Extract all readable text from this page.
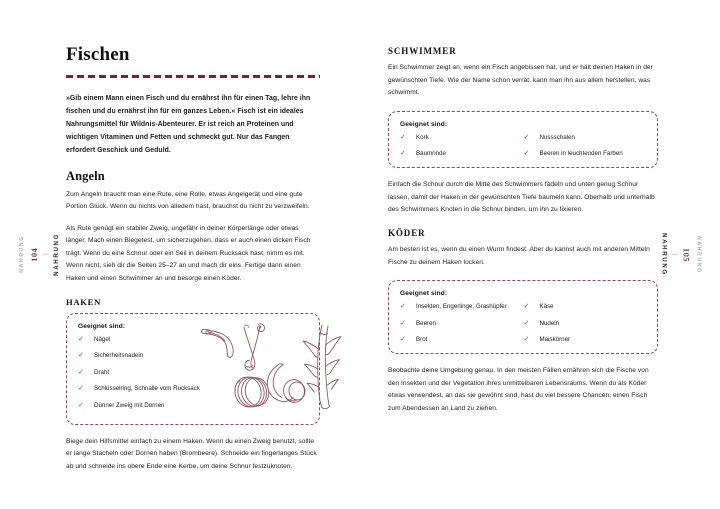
NAHRUNG 104 | NAHRUNG
Fischen

»Gib einem Mann einen Fisch und du ernährst ihn für einen Tag, lehre ihn fischen und du ernährst ihn für ein ganzes Leben.« Fisch ist ein ideales Nahrungsmittel für Wildnis-Abenteurer. Er ist reich an Proteinen und wichtigen Vitaminen und Fetten und schmeckt gut. Nur das Fangen erfordert Geschick und Geduld.

Angeln

Zum Angeln braucht man eine Rute, eine Rolle, etwas Angelgerät und eine gute Portion Glück. Wenn du nichts von alledem hast, brauchst du nicht zu verzweifeln.

Als Rute genügt ein stabiler Zweig, ungefähr in deiner Körperlänge oder etwas länger. Mach einen Biegetest, um sicherzugehen, dass er auch einen dicken Fisch trägt. Wenn du eine Schnur oder ein Seil in deinem Rucksack hast, nimm es mit. Wenn nicht, sieh dir die Seiten 25–27 an und mach dir eins. Fertige dann einen Haken und einen Schwimmer an und besorge einen Köder.

HAKEN
Geeignet sind:
✓ Nägel
✓ Sicherheitsnadeln
✓ Draht
✓ Schlüsselring, Schnalle vom Rucksack
✓ Dünner Zweig mit Dornen

Biege dein Hilfsmittel einfach zu einem Haken. Wenn du einen Zweig benutzt, sollte er lange Stacheln oder Dornen haben (Brombeere). Schneide ein fingerlanges Stück ab und schneide ins obere Ende eine Kerbe, um deine Schnur festzuknoten.

SCHWIMMER

Ein Schwimmer zeigt an, wenn ein Fisch angebissen hat, und er hält deinen Haken in der gewünschten Tiefe. Wie der Name schon verrät, kann man ihn aus allem herstellen, was schwimmt.

Geeignet sind:
✓ Kork
✓ Baumrinde
✓ Nussschalen
✓ Beeren in leuchtenden Farben

Einfach die Schnur durch die Mitte des Schwimmers fädeln und unten genug Schnur lassen, damit der Haken in der gewünschten Tiefe baumeln kann. Oberhalb und unterhalb des Schwimmers Knoten in die Schnur binden, um ihn zu fixieren.

KÖDER

Am besten ist es, wenn du einen Wurm findest. Aber du kannst auch mit anderen Mitteln Fische zu deinem Haken locken.

Geeignet sind:
✓ Insekten, Engerlinge, Grashüpfer
✓ Beeren
✓ Brot
✓ Käse
✓ Nudeln
✓ Maiskörner

Beobachte deine Umgebung genau. In den meisten Fällen ernähren sich die Fische von den Insekten und der Vegetation ihres unmittelbaren Lebensraums. Wenn du als Köder etwas verwendest, an das sie gewöhnt sind, hast du viel bessere Chancen, einen Fisch zum Abendessen an Land zu ziehen.

NAHRUNG
105
|
NAHRUNG
